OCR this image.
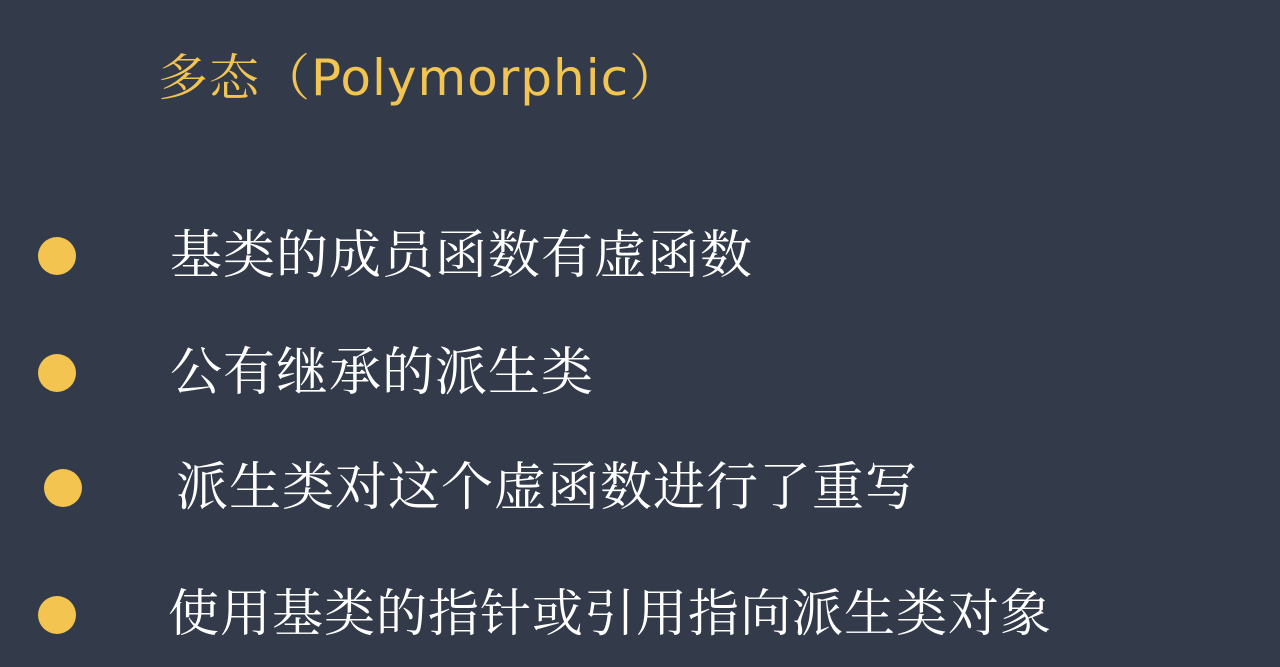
多态（Polymorphic）
基类的成员函数有虚函数
公有继承的派生类
派生类对这个虚函数进行了重写
使用基类的指针或引用指向派生类对象
